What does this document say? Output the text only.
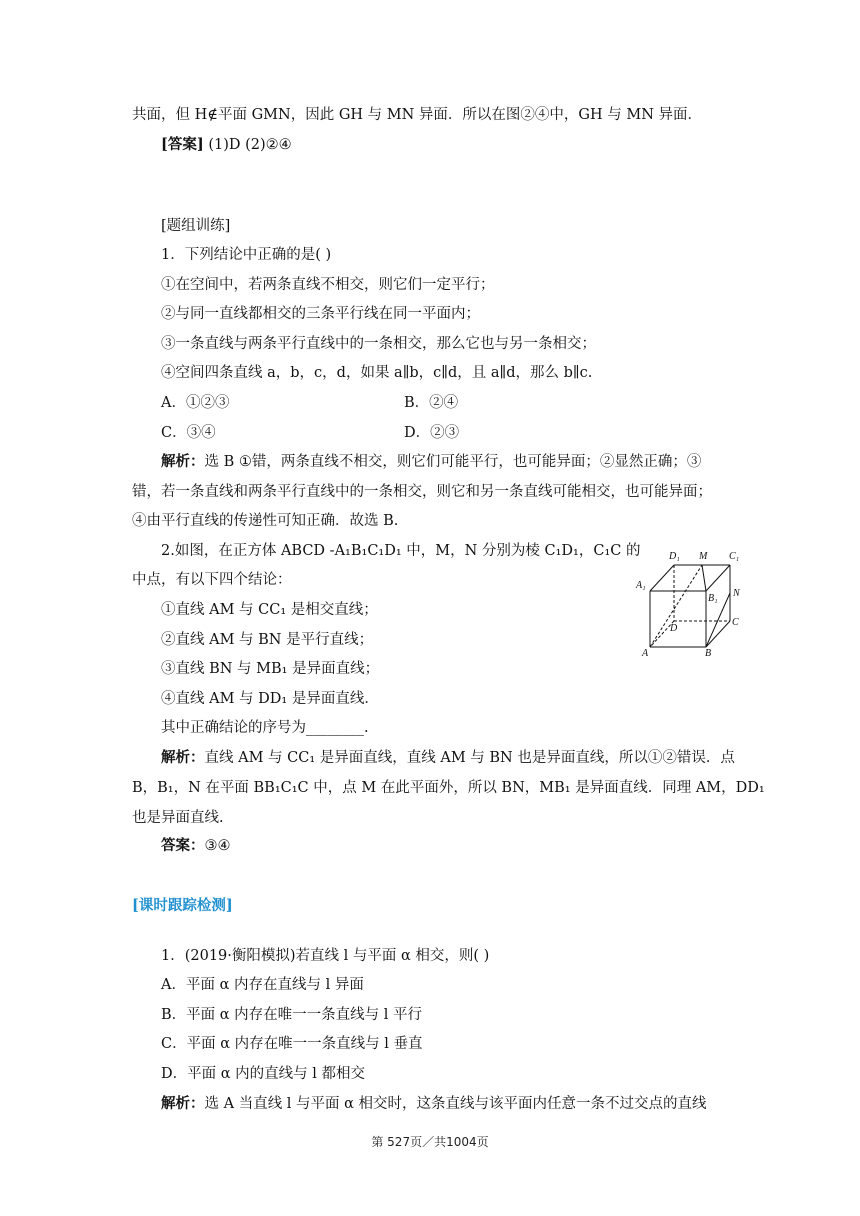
共面，但 H∉平面 GMN，因此 GH 与 MN 异面．所以在图②④中，GH 与 MN 异面．
[答案] (1)D (2)②④
[题组训练]
1．下列结论中正确的是( )
①在空间中，若两条直线不相交，则它们一定平行；
②与同一直线都相交的三条平行线在同一平面内；
③一条直线与两条平行直线中的一条相交，那么它也与另一条相交；
④空间四条直线 a，b，c，d，如果 a∥b，c∥d，且 a∥d，那么 b∥c.
A．①②③	B．②④
C．③④	D．②③
解析：选 B ①错，两条直线不相交，则它们可能平行，也可能异面；②显然正确；③
错，若一条直线和两条平行直线中的一条相交，则它和另一条直线可能相交，也可能异面；
④由平行直线的传递性可知正确．故选 B.
2.如图，在正方体 ABCD -A₁B₁C₁D₁ 中，M，N 分别为棱 C₁D₁，C₁C 的
中点，有以下四个结论：
①直线 AM 与 CC₁ 是相交直线；
②直线 AM 与 BN 是平行直线；
③直线 BN 与 MB₁ 是异面直线；
④直线 AM 与 DD₁ 是异面直线．
其中正确结论的序号为________.
解析：直线 AM 与 CC₁ 是异面直线，直线 AM 与 BN 也是异面直线，所以①②错误．点
B，B₁，N 在平面 BB₁C₁C 中，点 M 在此平面外，所以 BN，MB₁ 是异面直线．同理 AM，DD₁
也是异面直线.
答案：③④
[课时跟踪检测]
1．(2019·衡阳模拟)若直线 l 与平面 α 相交，则( )
A．平面 α 内存在直线与 l 异面
B．平面 α 内存在唯一一条直线与 l 平行
C．平面 α 内存在唯一一条直线与 l 垂直
D．平面 α 内的直线与 l 都相交
解析：选 A 当直线 l 与平面 α 相交时，这条直线与该平面内任意一条不过交点的直线
D₁ M C₁
A₁
B₁ N
D
C
A	B
第 527页／共1004页
